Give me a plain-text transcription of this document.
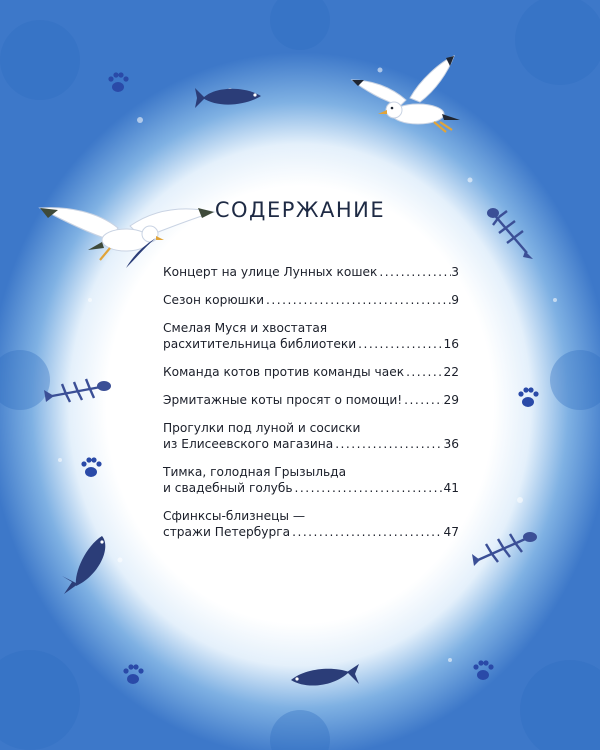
СОДЕРЖАНИЕ
Концерт на улице Лунных кошек . . .	3
Сезон корюшки . . .	9
Смелая Муся и хвостатая
расхитительница библиотеки . . .	16
Команда котов против команды чаек . . .	22
Эрмитажные коты просят о помощи! . . .	29
Прогулки под луной и сосиски
из Елисеевского магазина . . .	36
Тимка, голодная Грызыльда
и свадебный голубь . . .	41
Сфинксы-близнецы —
стражи Петербурга . . .	47
